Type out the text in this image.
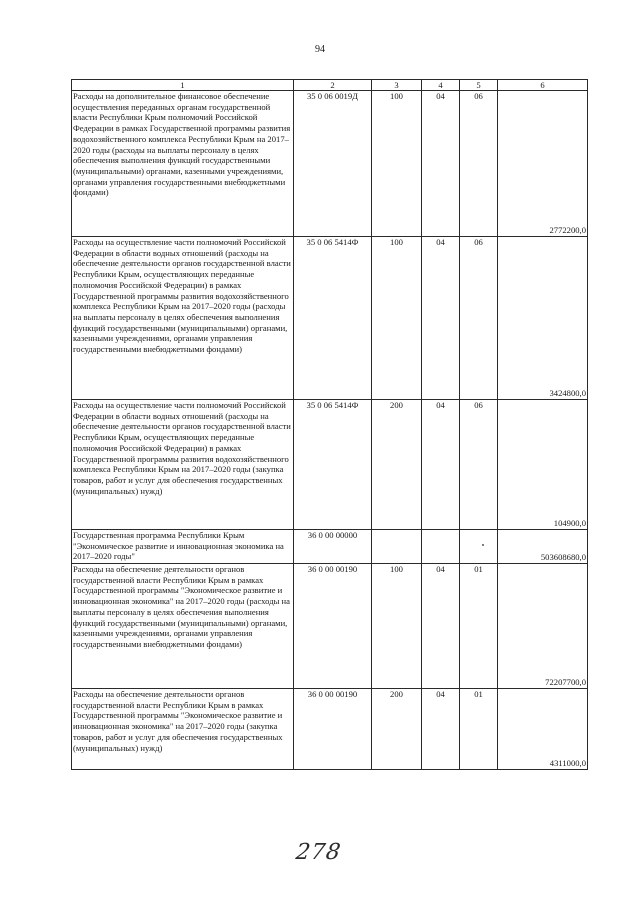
94
1	2	3	4	5	6
Расходы на дополнительное финансовое обеспечение осуществления переданных органам государственной власти Республики Крым полномочий Российской Федерации в рамках Государственной программы развития водохозяйственного комплекса Республики Крым на 2017–2020 годы (расходы на выплаты персоналу в целях обеспечения выполнения функций государственными (муниципальными) органами, казенными учреждениями, органами управления государственными внебюджетными фондами)	35 0 06 0019Д	100	04	06	2772200,0
Расходы на осуществление части полномочий Российской Федерации в области водных отношений (расходы на обеспечение деятельности органов государственной власти Республики Крым, осуществляющих переданные полномочия Российской Федерации) в рамках Государственной программы развития водохозяйственного комплекса Республики Крым на 2017–2020 годы (расходы на выплаты персоналу в целях обеспечения выполнения функций государственными (муниципальными) органами, казенными учреждениями, органами управления государственными внебюджетными фондами)	35 0 06 5414Ф	100	04	06	3424800,0
Расходы на осуществление части полномочий Российской Федерации в области водных отношений (расходы на обеспечение деятельности органов государственной власти Республики Крым, осуществляющих переданные полномочия Российской Федерации) в рамках Государственной программы развития водохозяйственного комплекса Республики Крым на 2017–2020 годы (закупка товаров, работ и услуг для обеспечения государственных (муниципальных) нужд)	35 0 06 5414Ф	200	04	06	104900,0
Государственная программа Республики Крым "Экономическое развитие и инновационная экономика на 2017–2020 годы"	36 0 00 00000				503608680,0
Расходы на обеспечение деятельности органов государственной власти Республики Крым в рамках Государственной программы "Экономическое развитие и инновационная экономика" на 2017–2020 годы (расходы на выплаты персоналу в целях обеспечения выполнения функций государственными (муниципальными) органами, казенными учреждениями, органами управления государственными внебюджетными фондами)	36 0 00 00190	100	04	01	72207700,0
Расходы на обеспечение деятельности органов государственной власти Республики Крым в рамках Государственной программы "Экономическое развитие и инновационная экономика" на 2017–2020 годы (закупка товаров, работ и услуг для обеспечения государственных (муниципальных) нужд)	36 0 00 00190	200	04	01	4311000,0
278
